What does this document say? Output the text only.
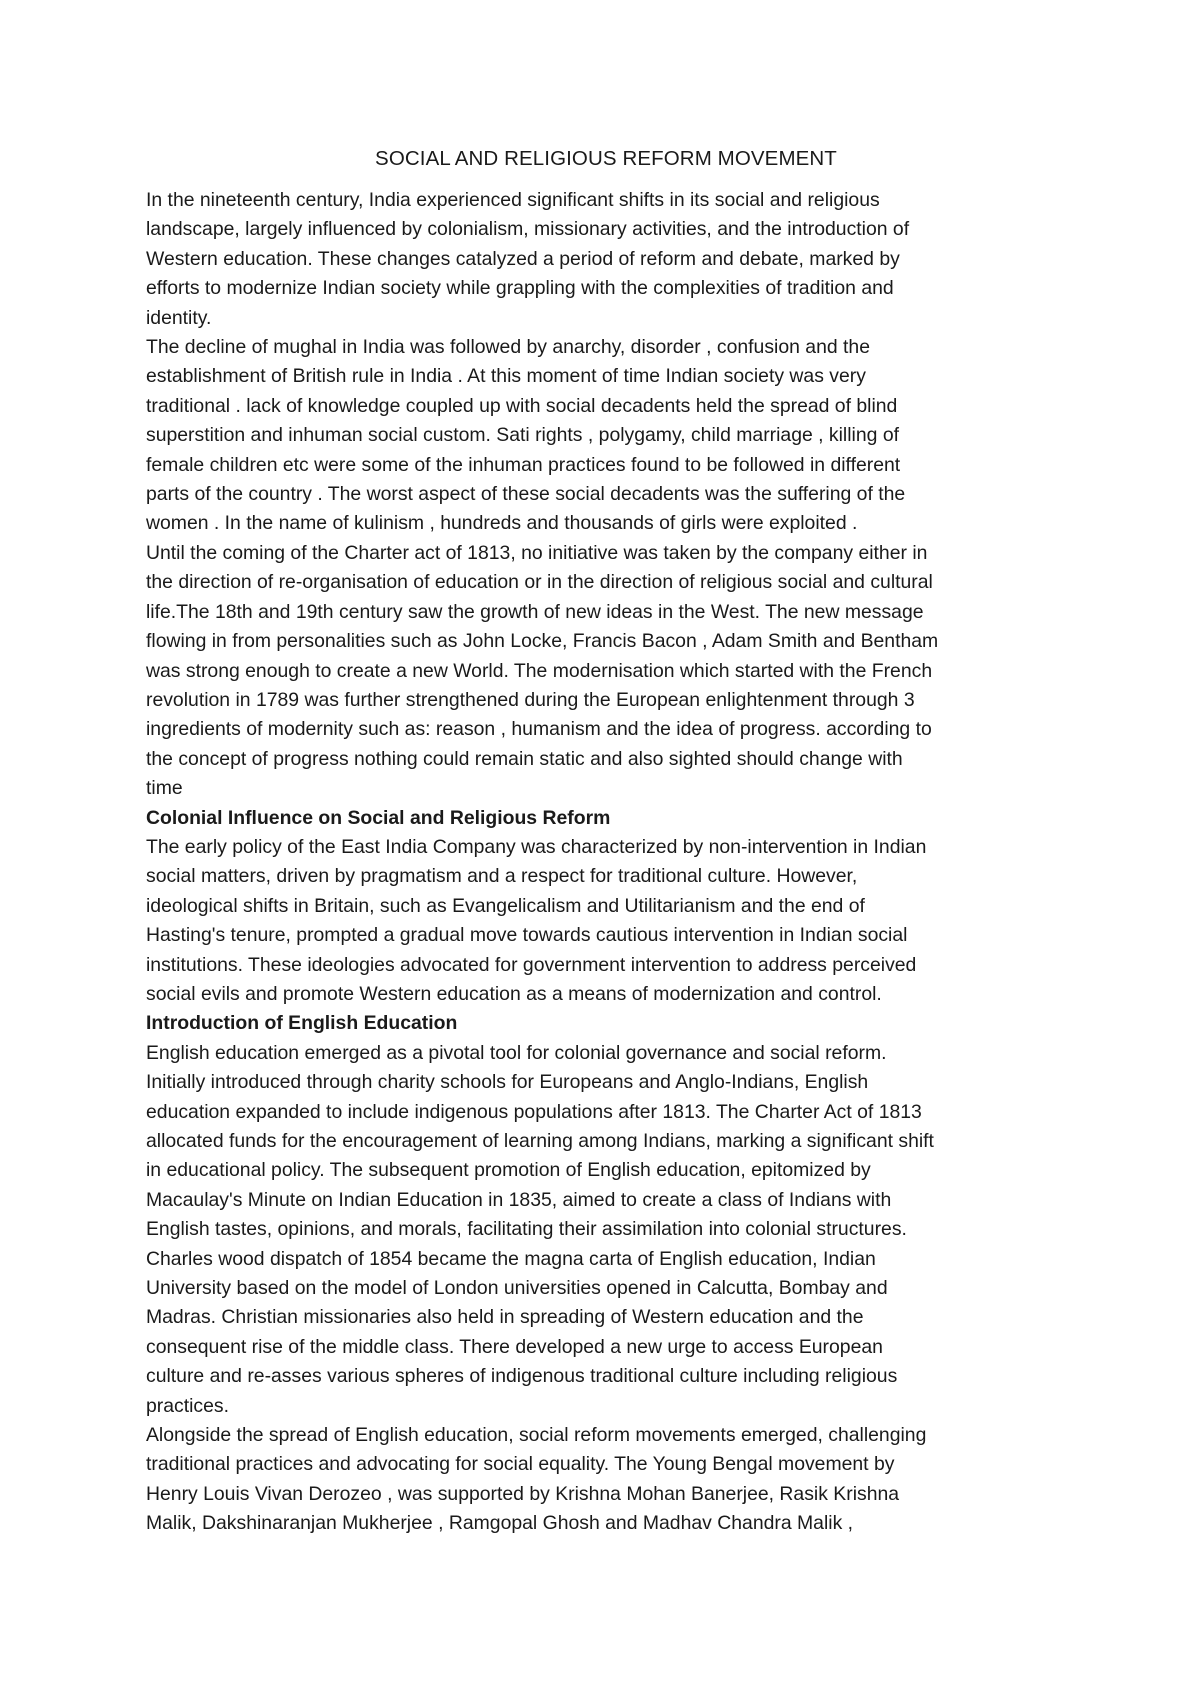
SOCIAL AND RELIGIOUS REFORM MOVEMENT
In the nineteenth century, India experienced significant shifts in its social and religious
landscape, largely influenced by colonialism, missionary activities, and the introduction of
Western education. These changes catalyzed a period of reform and debate, marked by
efforts to modernize Indian society while grappling with the complexities of tradition and
identity.
The decline of mughal in India was followed by anarchy, disorder , confusion and the
establishment of British rule in India . At this moment of time Indian society was very
traditional . lack of knowledge coupled up with social decadents held the spread of blind
superstition and inhuman social custom. Sati rights , polygamy, child marriage , killing of
female children etc were some of the inhuman practices found to be followed in different
parts of the country . The worst aspect of these social decadents was the suffering of the
women . In the name of kulinism , hundreds and thousands of girls were exploited .
Until the coming of the Charter act of 1813, no initiative was taken by the company either in
the direction of re-organisation of education or in the direction of religious social and cultural
life.The 18th and 19th century saw the growth of new ideas in the West. The new message
flowing in from personalities such as John Locke, Francis Bacon , Adam Smith and Bentham
was strong enough to create a new World. The modernisation which started with the French
revolution in 1789 was further strengthened during the European enlightenment through 3
ingredients of modernity such as: reason , humanism and the idea of progress. according to
the concept of progress nothing could remain static and also sighted should change with
time
Colonial Influence on Social and Religious Reform
The early policy of the East India Company was characterized by non-intervention in Indian
social matters, driven by pragmatism and a respect for traditional culture. However,
ideological shifts in Britain, such as Evangelicalism and Utilitarianism and the end of
Hasting's tenure, prompted a gradual move towards cautious intervention in Indian social
institutions. These ideologies advocated for government intervention to address perceived
social evils and promote Western education as a means of modernization and control.
Introduction of English Education
English education emerged as a pivotal tool for colonial governance and social reform.
Initially introduced through charity schools for Europeans and Anglo-Indians, English
education expanded to include indigenous populations after 1813. The Charter Act of 1813
allocated funds for the encouragement of learning among Indians, marking a significant shift
in educational policy. The subsequent promotion of English education, epitomized by
Macaulay's Minute on Indian Education in 1835, aimed to create a class of Indians with
English tastes, opinions, and morals, facilitating their assimilation into colonial structures.
Charles wood dispatch of 1854 became the magna carta of English education, Indian
University based on the model of London universities opened in Calcutta, Bombay and
Madras. Christian missionaries also held in spreading of Western education and the
consequent rise of the middle class. There developed a new urge to access European
culture and re-asses various spheres of indigenous traditional culture including religious
practices.
Alongside the spread of English education, social reform movements emerged, challenging
traditional practices and advocating for social equality. The Young Bengal movement by
Henry Louis Vivan Derozeo , was supported by Krishna Mohan Banerjee, Rasik Krishna
Malik, Dakshinaranjan Mukherjee , Ramgopal Ghosh and Madhav Chandra Malik ,
